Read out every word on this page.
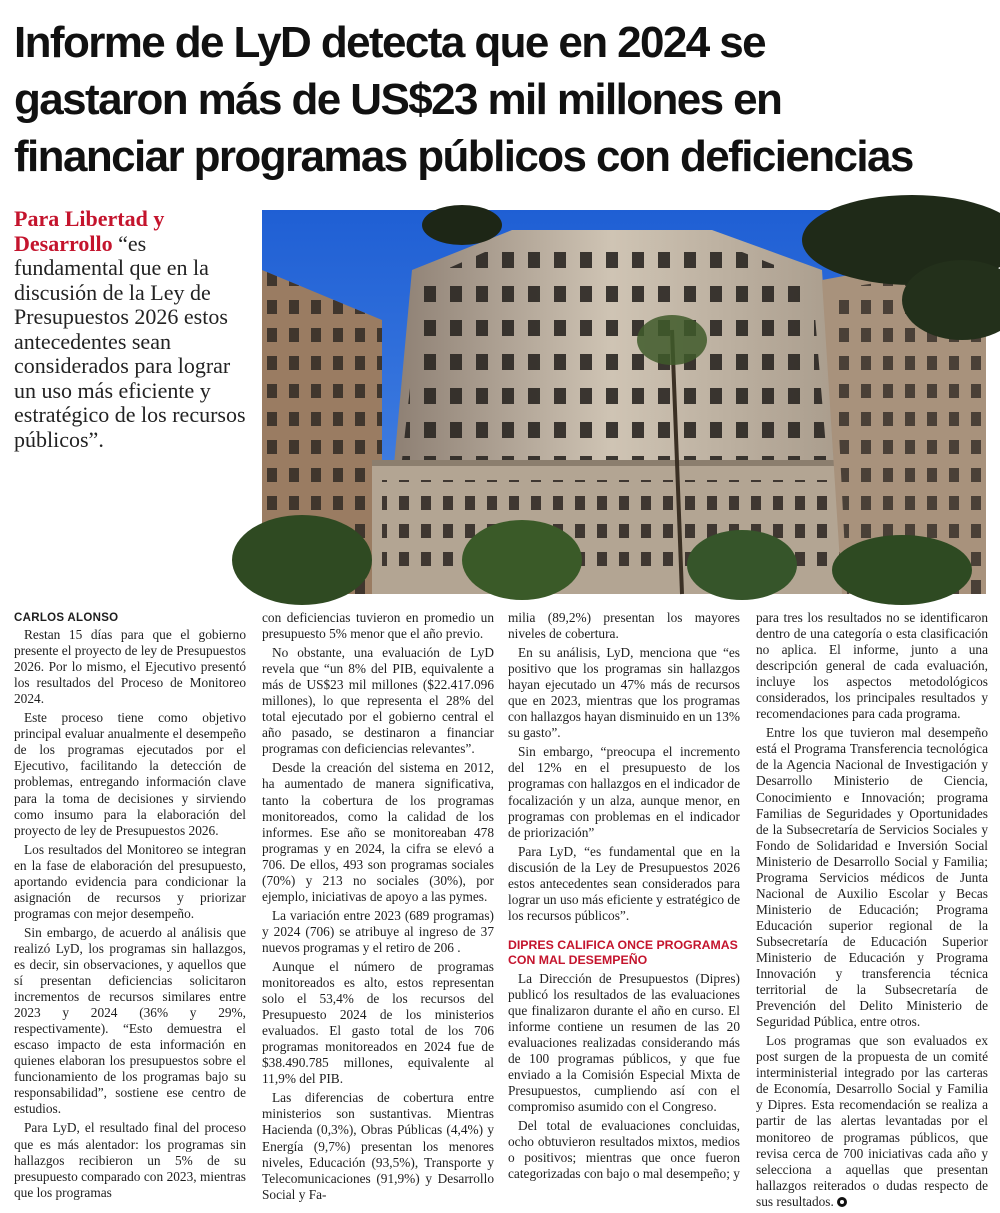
Informe de LyD detecta que en 2024 se
gastaron más de US$23 mil millones en
financiar programas públicos con deficiencias
Para Libertad y Desarrollo “es fundamental que en la discusión de la Ley de Presupuestos 2026 estos antecedentes sean considerados para lograr un uso más eficiente y estratégico de los recursos públicos”.
CARLOS ALONSO

Restan 15 días para que el gobierno presente el proyecto de ley de Presupuestos 2026. Por lo mismo, el Ejecutivo presentó los resultados del Proceso de Monitoreo 2024.

Este proceso tiene como objetivo principal evaluar anualmente el desempeño de los programas ejecutados por el Ejecutivo, facilitando la detección de problemas, entregando información clave para la toma de decisiones y sirviendo como insumo para la elaboración del proyecto de ley de Presupuestos 2026.

Los resultados del Monitoreo se integran en la fase de elaboración del presupuesto, aportando evidencia para condicionar la asignación de recursos y priorizar programas con mejor desempeño.

Sin embargo, de acuerdo al análisis que realizó LyD, los programas sin hallazgos, es decir, sin observaciones, y aquellos que sí presentan deficiencias solicitaron incrementos de recursos similares entre 2023 y 2024 (36% y 29%, respectivamente). “Esto demuestra el escaso impacto de esta información en quienes elaboran los presupuestos sobre el funcionamiento de los programas bajo su responsabilidad”, sostiene ese centro de estudios.

Para LyD, el resultado final del proceso que es más alentador: los programas sin hallazgos recibieron un 5% de su presupuesto comparado con 2023, mientras que los programas

con deficiencias tuvieron en promedio un presupuesto 5% menor que el año previo.

No obstante, una evaluación de LyD revela que “un 8% del PIB, equivalente a más de US$23 mil millones ($22.417.096 millones), lo que representa el 28% del total ejecutado por el gobierno central el año pasado, se destinaron a financiar programas con deficiencias relevantes”.

Desde la creación del sistema en 2012, ha aumentado de manera significativa, tanto la cobertura de los programas monitoreados, como la calidad de los informes. Ese año se monitoreaban 478 programas y en 2024, la cifra se elevó a 706. De ellos, 493 son programas sociales (70%) y 213 no sociales (30%), por ejemplo, iniciativas de apoyo a las pymes.

La variación entre 2023 (689 programas) y 2024 (706) se atribuye al ingreso de 37 nuevos programas y el retiro de 206 .

Aunque el número de programas monitoreados es alto, estos representan solo el 53,4% de los recursos del Presupuesto 2024 de los ministerios evaluados. El gasto total de los 706 programas monitoreados en 2024 fue de $38.490.785 millones, equivalente al 11,9% del PIB.

Las diferencias de cobertura entre ministerios son sustantivas. Mientras Hacienda (0,3%), Obras Públicas (4,4%) y Energía (9,7%) presentan los menores niveles, Educación (93,5%), Transporte y Telecomunicaciones (91,9%) y Desarrollo Social y Fa-

milia (89,2%) presentan los mayores niveles de cobertura.

En su análisis, LyD, menciona que “es positivo que los programas sin hallazgos hayan ejecutado un 47% más de recursos que en 2023, mientras que los programas con hallazgos hayan disminuido en un 13% su gasto”.

Sin embargo, “preocupa el incremento del 12% en el presupuesto de los programas con hallazgos en el indicador de focalización y un alza, aunque menor, en programas con problemas en el indicador de priorización”

Para LyD, “es fundamental que en la discusión de la Ley de Presupuestos 2026 estos antecedentes sean considerados para lograr un uso más eficiente y estratégico de los recursos públicos”.

DIPRES CALIFICA ONCE PROGRAMAS CON MAL DESEMPEÑO

La Dirección de Presupuestos (Dipres) publicó los resultados de las evaluaciones que finalizaron durante el año en curso. El informe contiene un resumen de las 20 evaluaciones realizadas considerando más de 100 programas públicos, y que fue enviado a la Comisión Especial Mixta de Presupuestos, cumpliendo así con el compromiso asumido con el Congreso.

Del total de evaluaciones concluidas, ocho obtuvieron resultados mixtos, medios o positivos; mientras que once fueron categorizadas con bajo o mal desempeño; y

para tres los resultados no se identificaron dentro de una categoría o esta clasificación no aplica. El informe, junto a una descripción general de cada evaluación, incluye los aspectos metodológicos considerados, los principales resultados y recomendaciones para cada programa.

Entre los que tuvieron mal desempeño está el Programa Transferencia tecnológica de la Agencia Nacional de Investigación y Desarrollo Ministerio de Ciencia, Conocimiento e Innovación; programa Familias de Seguridades y Oportunidades de la Subsecretaría de Servicios Sociales y Fondo de Solidaridad e Inversión Social Ministerio de Desarrollo Social y Familia; Programa Servicios médicos de Junta Nacional de Auxilio Escolar y Becas Ministerio de Educación; Programa Educación superior regional de la Subsecretaría de Educación Superior Ministerio de Educación y Programa Innovación y transferencia técnica territorial de la Subsecretaría de Prevención del Delito Ministerio de Seguridad Pública, entre otros.

Los programas que son evaluados ex post surgen de la propuesta de un comité interministerial integrado por las carteras de Economía, Desarrollo Social y Familia y Dipres. Esta recomendación se realiza a partir de las alertas levantadas por el monitoreo de programas públicos, que revisa cerca de 700 iniciativas cada año y selecciona a aquellas que presentan hallazgos reiterados o dudas respecto de sus resultados.
